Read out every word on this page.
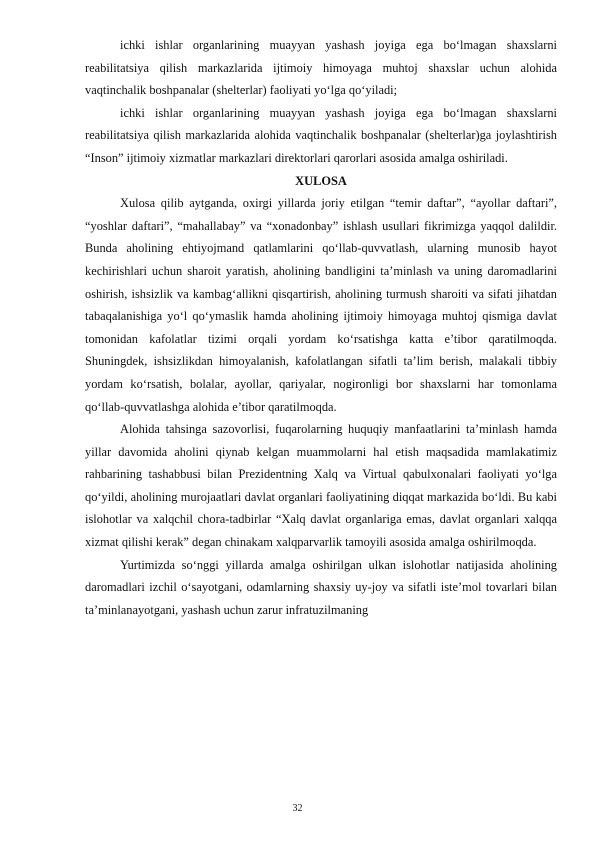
ichki ishlar organlarining muayyan yashash joyiga ega boʻlmagan shaxslarni reabilitatsiya qilish markazlarida ijtimoiy himoyaga muhtoj shaxslar uchun alohida vaqtinchalik boshpanalar (shelterlar) faoliyati yoʻlga qoʻyiladi;

ichki ishlar organlarining muayyan yashash joyiga ega boʻlmagan shaxslarni reabilitatsiya qilish markazlarida alohida vaqtinchalik boshpanalar (shelterlar)ga joylashtirish “Inson” ijtimoiy xizmatlar markazlari direktorlari qarorlari asosida amalga oshiriladi.

XULOSA

Xulosa qilib aytganda, oxirgi yillarda joriy etilgan “temir daftar”, “ayollar daftari”, “yoshlar daftari”, “mahallabay” va “xonadonbay” ishlash usullari fikrimizga yaqqol dalildir. Bunda aholining ehtiyojmand qatlamlarini qoʻllab-quvvatlash, ularning munosib hayot kechirishlari uchun sharoit yaratish, aholining bandligini ta’minlash va uning daromadlarini oshirish, ishsizlik va kambag‘allikni qisqartirish, aholining turmush sharoiti va sifati jihatdan tabaqalanishiga yoʻl qoʻymaslik hamda aholining ijtimoiy himoyaga muhtoj qismiga davlat tomonidan kafolatlar tizimi orqali yordam koʻrsatishga katta e’tibor qaratilmoqda. Shuningdek, ishsizlikdan himoyalanish, kafolatlangan sifatli ta’lim berish, malakali tibbiy yordam koʻrsatish, bolalar, ayollar, qariyalar, nogironligi bor shaxslarni har tomonlama qoʻllab-quvvatlashga alohida e’tibor qaratilmoqda.

Alohida tahsinga sazovorlisi, fuqarolarning huquqiy manfaatlarini ta’minlash hamda yillar davomida aholini qiynab kelgan muammolarni hal etish maqsadida mamlakatimiz rahbarining tashabbusi bilan Prezidentning Xalq va Virtual qabulxonalari faoliyati yoʻlga qoʻyildi, aholining murojaatlari davlat organlari faoliyatining diqqat markazida boʻldi. Bu kabi islohotlar va xalqchil chora-tadbirlar “Xalq davlat organlariga emas, davlat organlari xalqqa xizmat qilishi kerak” degan chinakam xalqparvarlik tamoyili asosida amalga oshirilmoqda.

Yurtimizda soʻnggi yillarda amalga oshirilgan ulkan islohotlar natijasida aholining daromadlari izchil oʻsayotgani, odamlarning shaxsiy uy-joy va sifatli iste’mol tovarlari bilan ta’minlanayotgani, yashash uchun zarur infratuzilmaning

32
